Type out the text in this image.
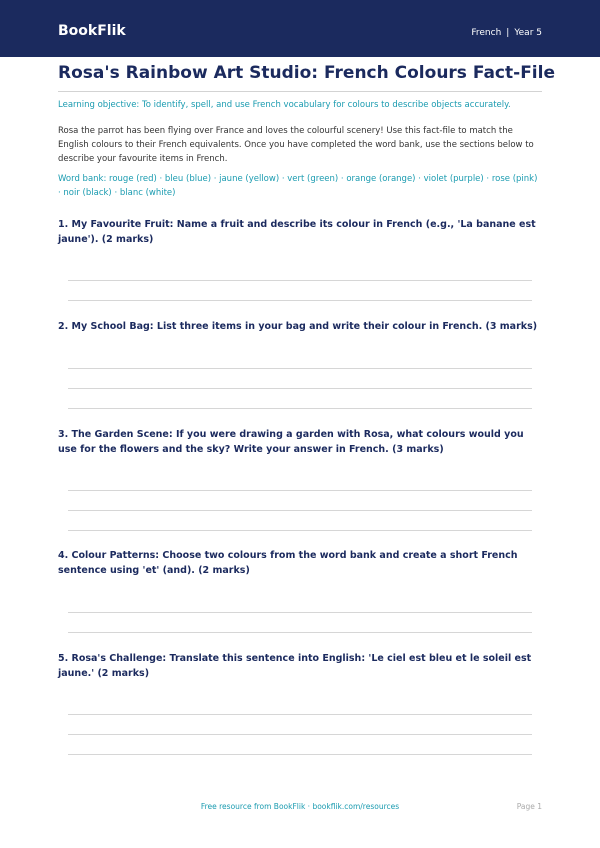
BookFlik	French | Year 5
Rosa's Rainbow Art Studio: French Colours Fact-File
Learning objective: To identify, spell, and use French vocabulary for colours to describe objects accurately.
Rosa the parrot has been flying over France and loves the colourful scenery! Use this fact-file to match the English colours to their French equivalents. Once you have completed the word bank, use the sections below to describe your favourite items in French.
Word bank: rouge (red) · bleu (blue) · jaune (yellow) · vert (green) · orange (orange) · violet (purple) · rose (pink) · noir (black) · blanc (white)
1. My Favourite Fruit: Name a fruit and describe its colour in French (e.g., 'La banane est jaune'). (2 marks)
2. My School Bag: List three items in your bag and write their colour in French. (3 marks)
3. The Garden Scene: If you were drawing a garden with Rosa, what colours would you use for the flowers and the sky? Write your answer in French. (3 marks)
4. Colour Patterns: Choose two colours from the word bank and create a short French sentence using 'et' (and). (2 marks)
5. Rosa's Challenge: Translate this sentence into English: 'Le ciel est bleu et le soleil est jaune.' (2 marks)
Free resource from BookFlik · bookflik.com/resources	Page 1
